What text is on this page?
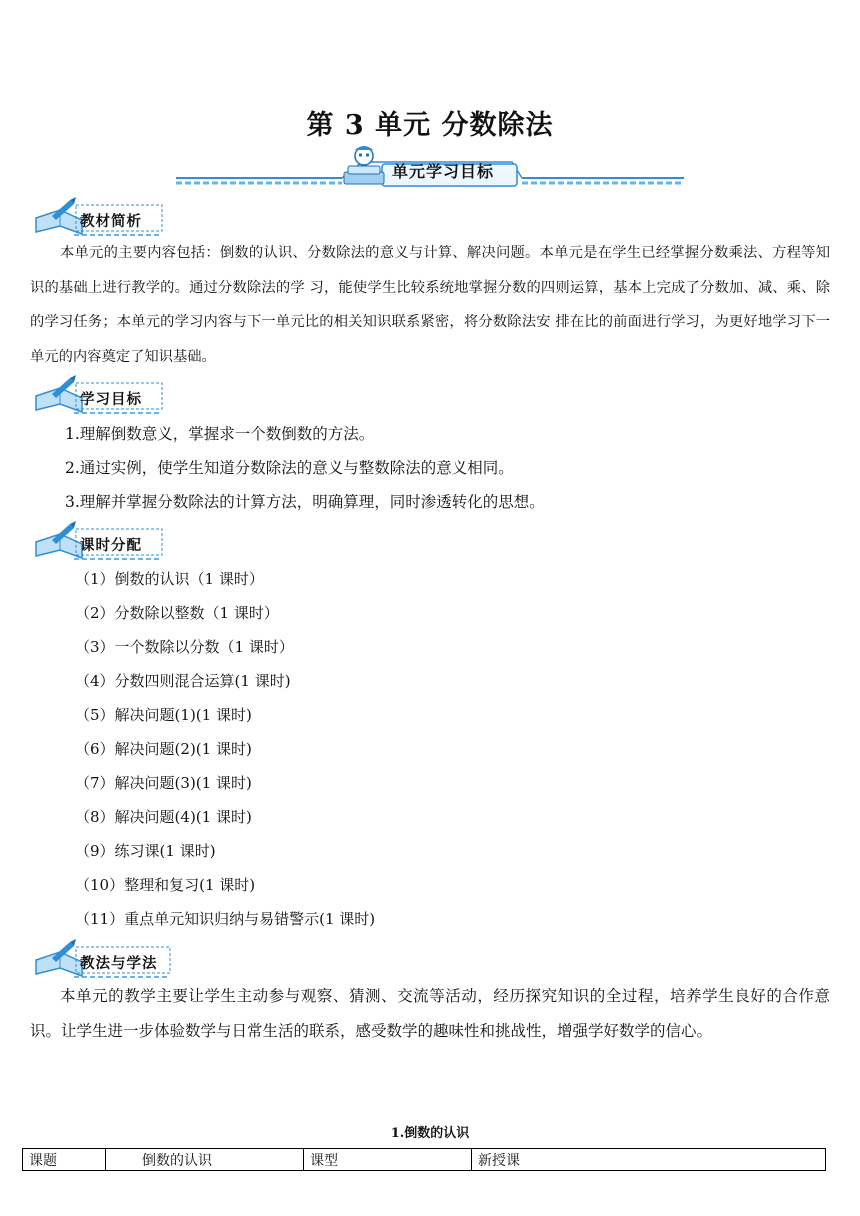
第 3 单元 分数除法
单元学习目标
教材简析
本单元的主要内容包括：倒数的认识、分数除法的意义与计算、解决问题。本单元是在学生已经掌握分数乘法、方程等知识的基础上进行教学的。通过分数除法的学 习，能使学生比较系统地掌握分数的四则运算，基本上完成了分数加、减、乘、除的学习任务；本单元的学习内容与下一单元比的相关知识联系紧密，将分数除法安 排在比的前面进行学习，为更好地学习下一单元的内容奠定了知识基础。
学习目标
1.理解倒数意义，掌握求一个数倒数的方法。
2.通过实例，使学生知道分数除法的意义与整数除法的意义相同。
3.理解并掌握分数除法的计算方法，明确算理，同时渗透转化的思想。
课时分配
（1）倒数的认识（1 课时）
（2）分数除以整数（1 课时）
（3）一个数除以分数（1 课时）
（4）分数四则混合运算(1 课时)
（5）解决问题(1)(1 课时)
（6）解决问题(2)(1 课时)
（7）解决问题(3)(1 课时)
（8）解决问题(4)(1 课时)
（9）练习课(1 课时)
（10）整理和复习(1 课时)
（11）重点单元知识归纳与易错警示(1 课时)
教法与学法
本单元的教学主要让学生主动参与观察、猜测、交流等活动，经历探究知识的全过程，培养学生良好的合作意识。让学生进一步体验数学与日常生活的联系，感受数学的趣味性和挑战性，增强学好数学的信心。
1.倒数的认识
课题	倒数的认识	课型	新授课
